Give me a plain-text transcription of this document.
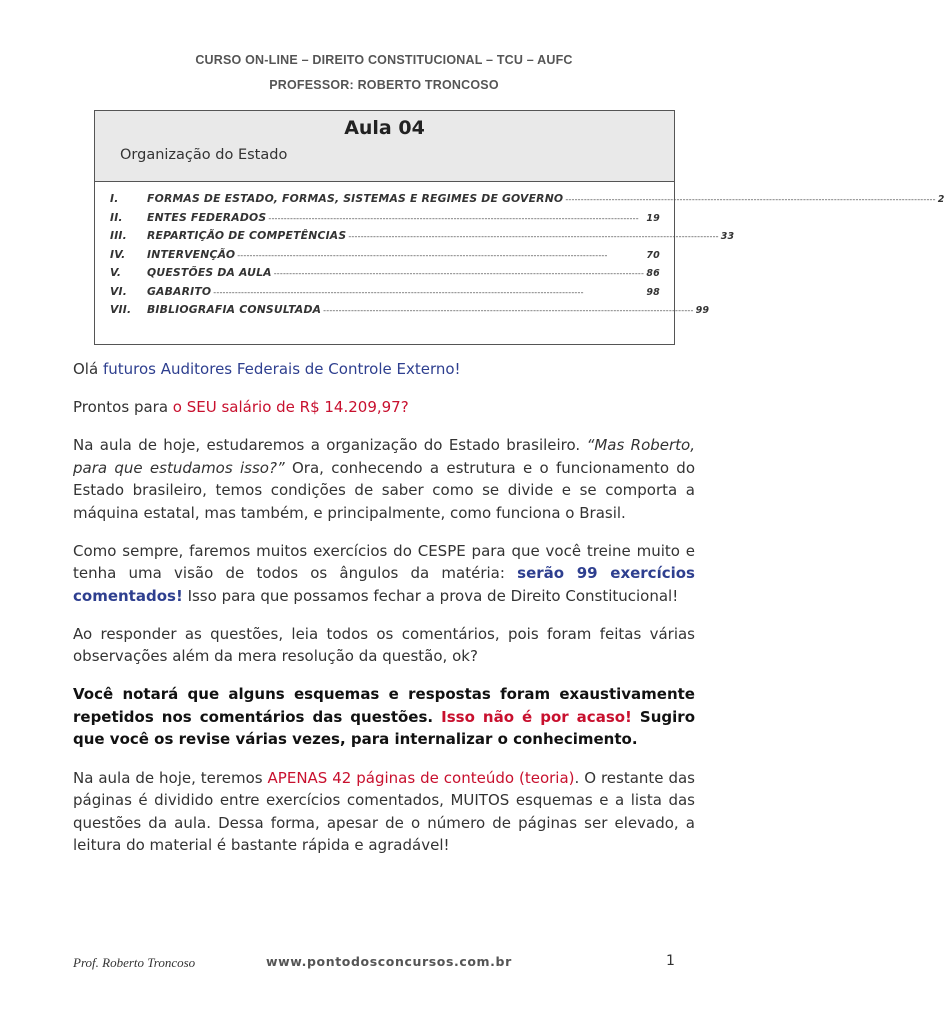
CURSO ON-LINE – DIREITO CONSTITUCIONAL – TCU – AUFC
PROFESSOR: ROBERTO TRONCOSO
Aula 04
Organização do Estado
I.	FORMAS DE ESTADO, FORMAS, SISTEMAS E REGIMES DE GOVERNO ------------------------------------------------------------------------------------------------------------------------ 2
II.	ENTES FEDERADOS ------------------------------------------------------------------------------------------------------------------------ 19
III.	REPARTIÇÃO DE COMPETÊNCIAS ------------------------------------------------------------------------------------------------------------------------ 33
IV.	INTERVENÇÃO ------------------------------------------------------------------------------------------------------------------------	70
V.	QUESTÕES DA AULA ------------------------------------------------------------------------------------------------------------------------ 86
VI.	GABARITO ------------------------------------------------------------------------------------------------------------------------	98
VII.	BIBLIOGRAFIA CONSULTADA ------------------------------------------------------------------------------------------------------------------------ 99

Olá futuros Auditores Federais de Controle Externo!

Prontos para o SEU salário de R$ 14.209,97?

Na aula de hoje, estudaremos a organização do Estado brasileiro. “Mas Roberto, para que estudamos isso?” Ora, conhecendo a estrutura e o funcionamento do Estado brasileiro, temos condições de saber como se divide e se comporta a máquina estatal, mas também, e principalmente, como funciona o Brasil.

Como sempre, faremos muitos exercícios do CESPE para que você treine muito e tenha uma visão de todos os ângulos da matéria: serão 99 exercícios comentados! Isso para que possamos fechar a prova de Direito Constitucional!

Ao responder as questões, leia todos os comentários, pois foram feitas várias observações além da mera resolução da questão, ok?

Você notará que alguns esquemas e respostas foram exaustivamente repetidos nos comentários das questões. Isso não é por acaso! Sugiro que você os revise várias vezes, para internalizar o conhecimento.

Na aula de hoje, teremos APENAS 42 páginas de conteúdo (teoria). O restante das páginas é dividido entre exercícios comentados, MUITOS esquemas e a lista das questões da aula. Dessa forma, apesar de o número de páginas ser elevado, a leitura do material é bastante rápida e agradável!

Prof. Roberto Troncoso	www.pontodosconcursos.com.br	1
